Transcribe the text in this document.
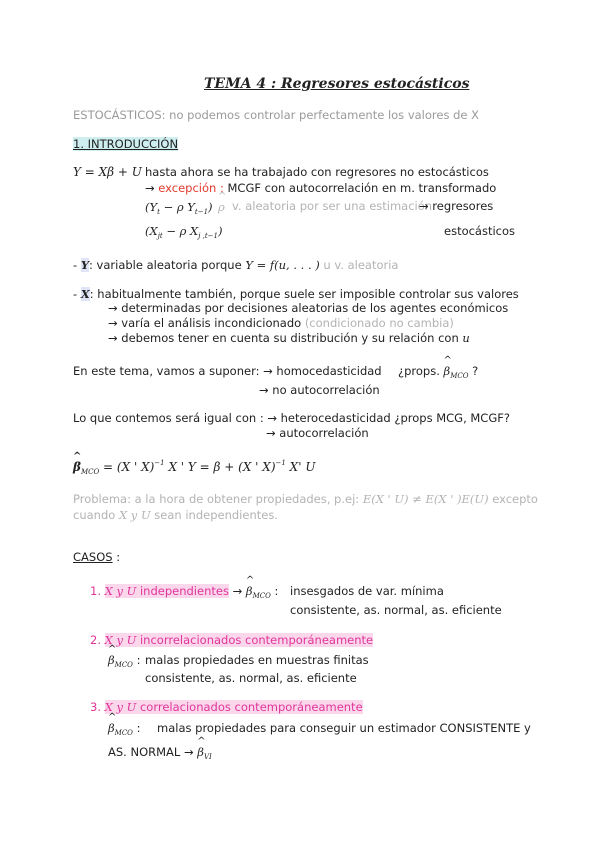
TEMA 4 : Regresores estocásticos
ESTOCÁSTICOS: no podemos controlar perfectamente los valores de X
1. INTRODUCCIÓN
Y = Xβ + U hasta ahora se ha trabajado con regresores no estocásticos
→ excepción : MCGF con autocorrelación en m. transformado
($Y_t - \rho$ $Y_{t-1}$) ^ ρ v. aleatoria por ser una estimación
→ regresores
($X_{jt} - \rho$ $X_{j ,t-1}$)	estocásticos
- Y: variable aleatoria porque Y = f(u, . . . ) u v. aleatoria
- X: habitualmente también, porque suele ser imposible controlar sus valores
→ determinadas por decisiones aleatorias de los agentes económicos
→ varía el análisis incondicionado (condicionado no cambia)
→ debemos tener en cuenta su distribución y su relación con u
En este tema, vamos a suponer: → homocedasticidad ¿props. ^ $\beta_{MCO}$ ?
→ no autocorrelación
Lo que contemos será igual con : → heterocedasticidad ¿props MCG, MCGF?
→ autocorrelación
^ $\beta_{MCO} = (X$ ' X)$^{-1}$ X ' Y = β + (X ' X)$^{-1}$ X' U
Problema: a la hora de obtener propiedades, p.ej: E(X ' U) ≠ E(X ' )E(U) excepto
cuando X y U sean independientes.
CASOS :
1. X y U independientes → ^ $\beta_{MCO}$ : insesgados de var. mínima
consistente, as. normal, as. eficiente
2. X y U incorrelacionados contemporáneamente
^ $\beta_{MCO}$ : malas propiedades en muestras finitas
consistente, as. normal, as. eficiente
3. X y U correlacionados contemporáneamente
^ $\beta_{MCO}$ : malas propiedades para conseguir un estimador CONSISTENTE y
AS. NORMAL → ^ $\beta_{VI}$
